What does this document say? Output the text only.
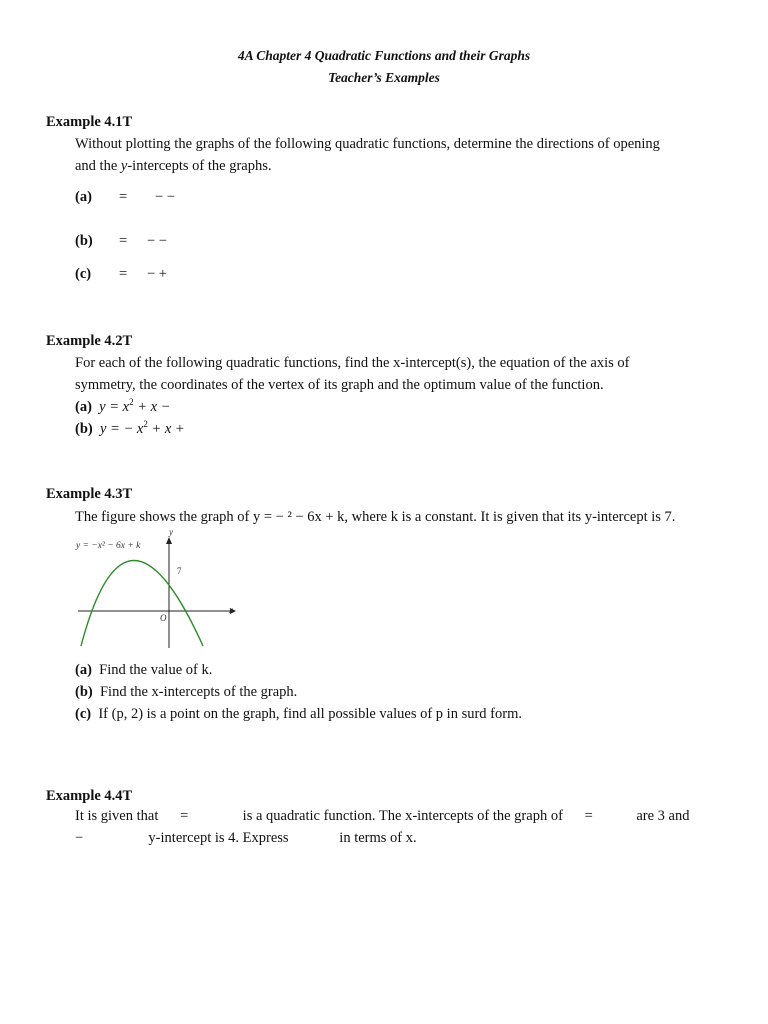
4A Chapter 4 Quadratic Functions and their Graphs
Teacher’s Examples
Example 4.1T
Without plotting the graphs of the following quadratic functions, determine the directions of opening
and the y-intercepts of the graphs.
(a) = − −
(b) = − −
(c) = − +
Example 4.2T
For each of the following quadratic functions, find the x-intercept(s), the equation of the axis of
symmetry, the coordinates of the vertex of its graph and the optimum value of the function.
(a) $y = x^2 + x$ −
(b) y = − $x^2 + x$ +
Example 4.3T
The figure shows the graph of y = − ² − 6x + k, where k is a constant. It is given that its y-intercept is 7.
y = −x² − 6x + k
y
x
O
7
(a) Find the value of k.
(b) Find the x-intercepts of the graph.
(c) If (p, 2) is a point on the graph, find all possible values of p in surd form.
Example 4.4T
It is given that      =               is a quadratic function. The x-intercepts of the graph of      =            are 3 and
−                  y-intercept is 4. Express              in terms of x.
